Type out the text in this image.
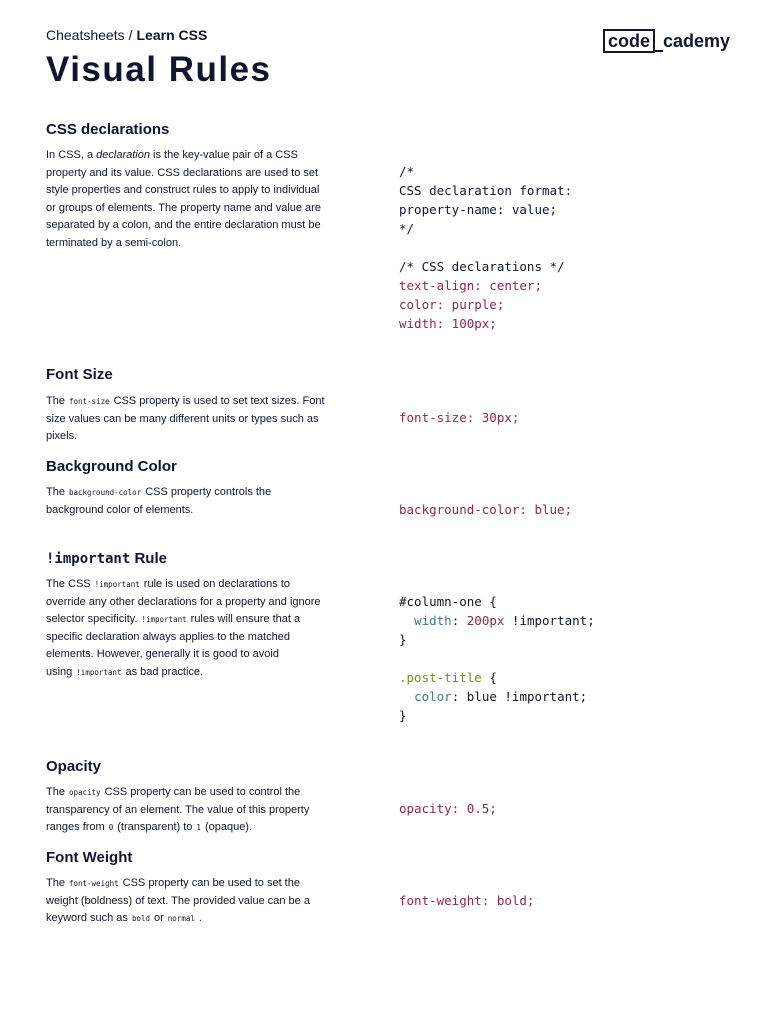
Cheatsheets / Learn CSS	code cademy
Visual Rules
CSS declarations

In CSS, a declaration is the key-value pair of a CSS property and its value. CSS declarations are used to set style properties and construct rules to apply to individual or groups of elements. The property name and value are separated by a colon, and the entire declaration must be terminated by a semi-colon.

/*
CSS declaration format:
property-name: value;
*/

/* CSS declarations */
text-align: center;
color: purple;
width: 100px;
Font Size

The font-size CSS property is used to set text sizes. Font size values can be many different units or types such as pixels.

font-size: 30px;
Background Color

The background-color CSS property controls the background color of elements.	background-color: blue;
!important Rule

The CSS !important rule is used on declarations to override any other declarations for a property and ignore selector specificity. !important rules will ensure that a specific declaration always applies to the matched elements. However, generally it is good to avoid using !important as bad practice.

#column-one {
width: 200px !important;
}

.post-title {
color: blue !important;
}
Opacity

The opacity CSS property can be used to control the transparency of an element. The value of this property ranges from 0 (transparent) to 1 (opaque).

opacity: 0.5;
Font Weight

The font-weight CSS property can be used to set the weight (boldness) of text. The provided value can be a keyword such as bold or normal .

font-weight: bold;
